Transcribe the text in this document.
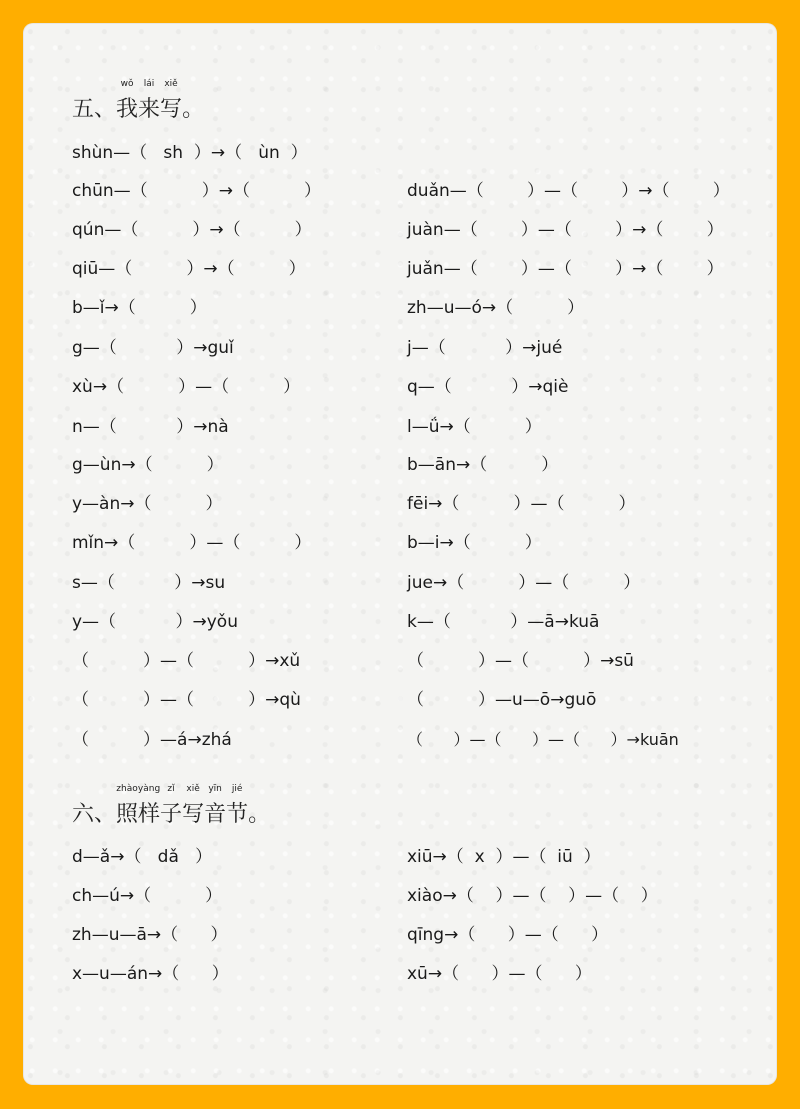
五、
wǒ
我
lái
来
xiě
写。
shùn—（   sh  ）→（   ùn  ）
chūn—（          ）→（          ）
qún—（          ）→（          ）
qiū—（          ）→（          ）
b—ǐ→（          ）
g—（           ）→guǐ
xù→（          ）—（          ）
n—（           ）→nà
g—ùn→（          ）
y—àn→（          ）
mǐn→（          ）—（          ）
s—（           ）→su
y—（           ）→yǒu
（          ）—（          ）→xǔ
（          ）—（          ）→qù
（          ）—á→zhá
duǎn—（        ）—（        ）→（        ）
juàn—（        ）—（        ）→（        ）
juǎn—（        ）—（        ）→（        ）
zh—u—ó→（          ）
j—（           ）→jué
q—（           ）→qiè
l—ǘ→（          ）
b—ān→（          ）
fēi→（          ）—（          ）
b—i→（          ）
jue→（          ）—（          ）
k—（           ）—ā→kuā
（          ）—（          ）→sū
（          ）—u—ō→guō
（      ）—（      ）—（      ）→kuān
六、
zhào
照
yàng
样
zǐ
子
xiě
写
yīn
音
jié
节。
d—ǎ→（   dǎ   ）
ch—ú→（          ）
zh—u—ā→（      ）
x—u—án→（      ）
xiū→（  x  ）—（  iū  ）
xiào→（    ）—（    ）—（    ）
qīng→（      ）—（      ）
xū→（      ）—（      ）
